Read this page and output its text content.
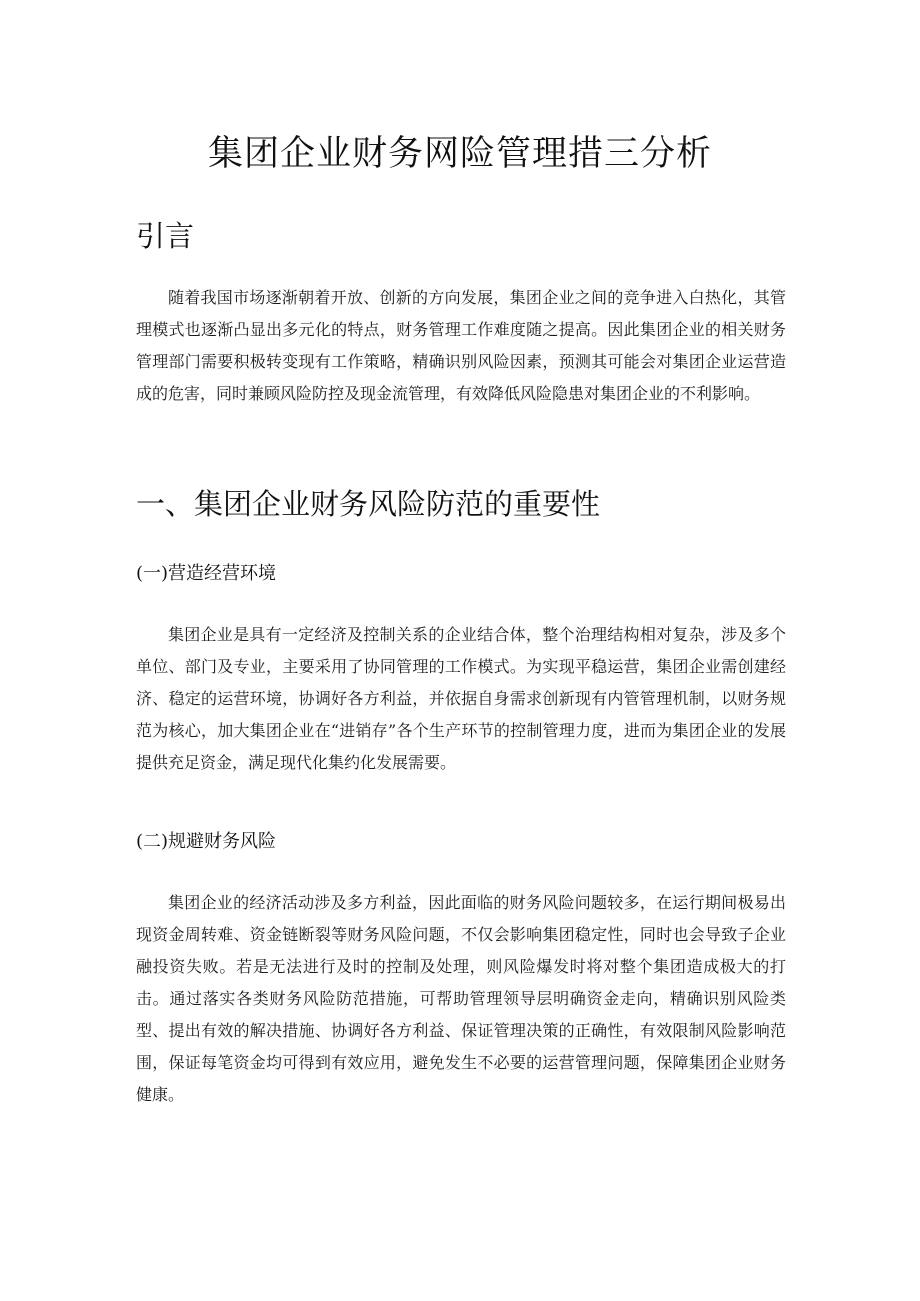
集团企业财务网险管理措三分析
引言

随着我国市场逐渐朝着开放、创新的方向发展，集团企业之间的竞争进入白热化，其管理模式也逐渐凸显出多元化的特点，财务管理工作难度随之提高。因此集团企业的相关财务管理部门需要积极转变现有工作策略，精确识别风险因素，预测其可能会对集团企业运营造成的危害，同时兼顾风险防控及现金流管理，有效降低风险隐患对集团企业的不利影响。

一、集团企业财务风险防范的重要性
(一)营造经营环境

集团企业是具有一定经济及控制关系的企业结合体，整个治理结构相对复杂，涉及多个单位、部门及专业，主要采用了协同管理的工作模式。为实现平稳运营，集团企业需创建经济、稳定的运营环境，协调好各方利益，并依据自身需求创新现有内管管理机制，以财务规范为核心，加大集团企业在“进销存”各个生产环节的控制管理力度，进而为集团企业的发展提供充足资金，满足现代化集约化发展需要。

(二)规避财务风险

集团企业的经济活动涉及多方利益，因此面临的财务风险问题较多，在运行期间极易出现资金周转难、资金链断裂等财务风险问题，不仅会影响集团稳定性，同时也会导致子企业融投资失败。若是无法进行及时的控制及处理，则风险爆发时将对整个集团造成极大的打击。通过落实各类财务风险防范措施，可帮助管理领导层明确资金走向，精确识别风险类型、提出有效的解决措施、协调好各方利益、保证管理决策的正确性，有效限制风险影响范围，保证每笔资金均可得到有效应用，避免发生不必要的运营管理问题，保障集团企业财务健康。
